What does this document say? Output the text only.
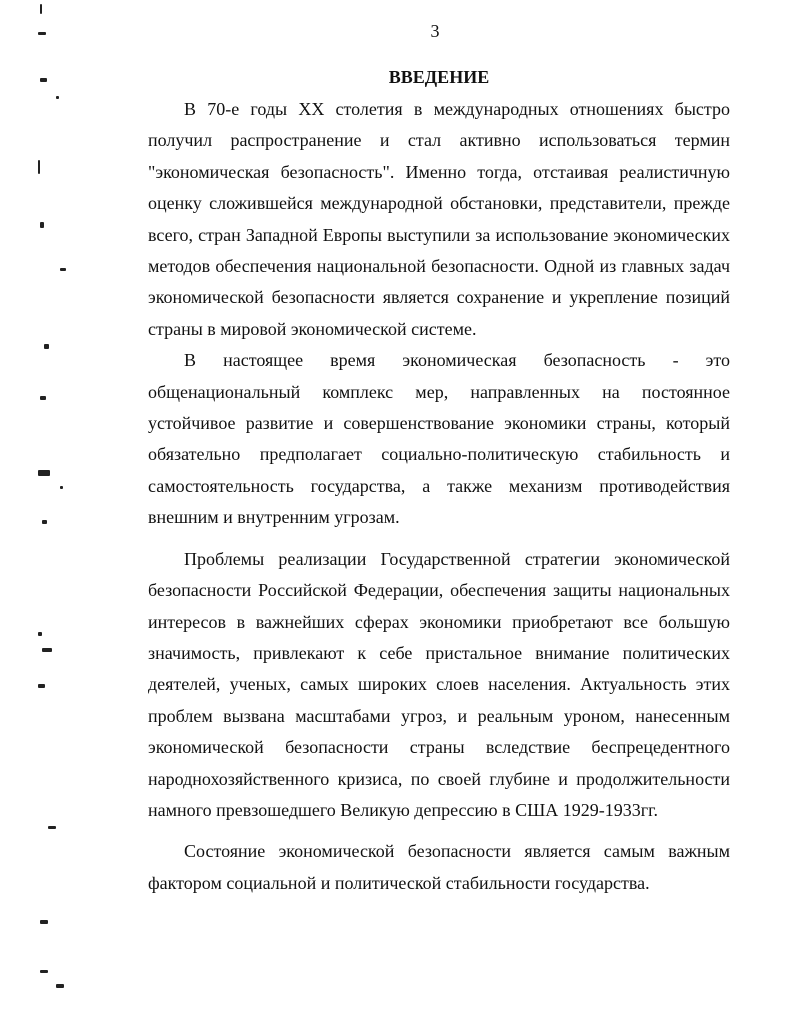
3
ВВЕДЕНИЕ

В 70-е годы XX столетия в международных отношениях быстро получил распространение и стал активно использоваться термин "экономическая безопасность". Именно тогда, отстаивая реалистичную оценку сложившейся международной обстановки, представители, прежде всего, стран Западной Европы выступили за использование экономических методов обеспечения национальной безопасности. Одной из главных задач экономической безопасности является сохранение и укрепление позиций страны в мировой экономической системе.

В настоящее время экономическая безопасность - это общенациональный комплекс мер, направленных на постоянное устойчивое развитие и совершенствование экономики страны, который обязательно предполагает социально-политическую стабильность и самостоятельность государства, а также механизм противодействия внешним и внутренним угрозам.

Проблемы реализации Государственной стратегии экономической безопасности Российской Федерации, обеспечения защиты национальных интересов в важнейших сферах экономики приобретают все большую значимость, привлекают к себе пристальное внимание политических деятелей, ученых, самых широких слоев населения. Актуальность этих проблем вызвана масштабами угроз, и реальным уроном, нанесенным экономической безопасности страны вследствие беспрецедентного народнохозяйственного кризиса, по своей глубине и продолжительности намного превзошедшего Великую депрессию в США 1929-1933гг.

Состояние экономической безопасности является самым важным фактором социальной и политической стабильности государства.
